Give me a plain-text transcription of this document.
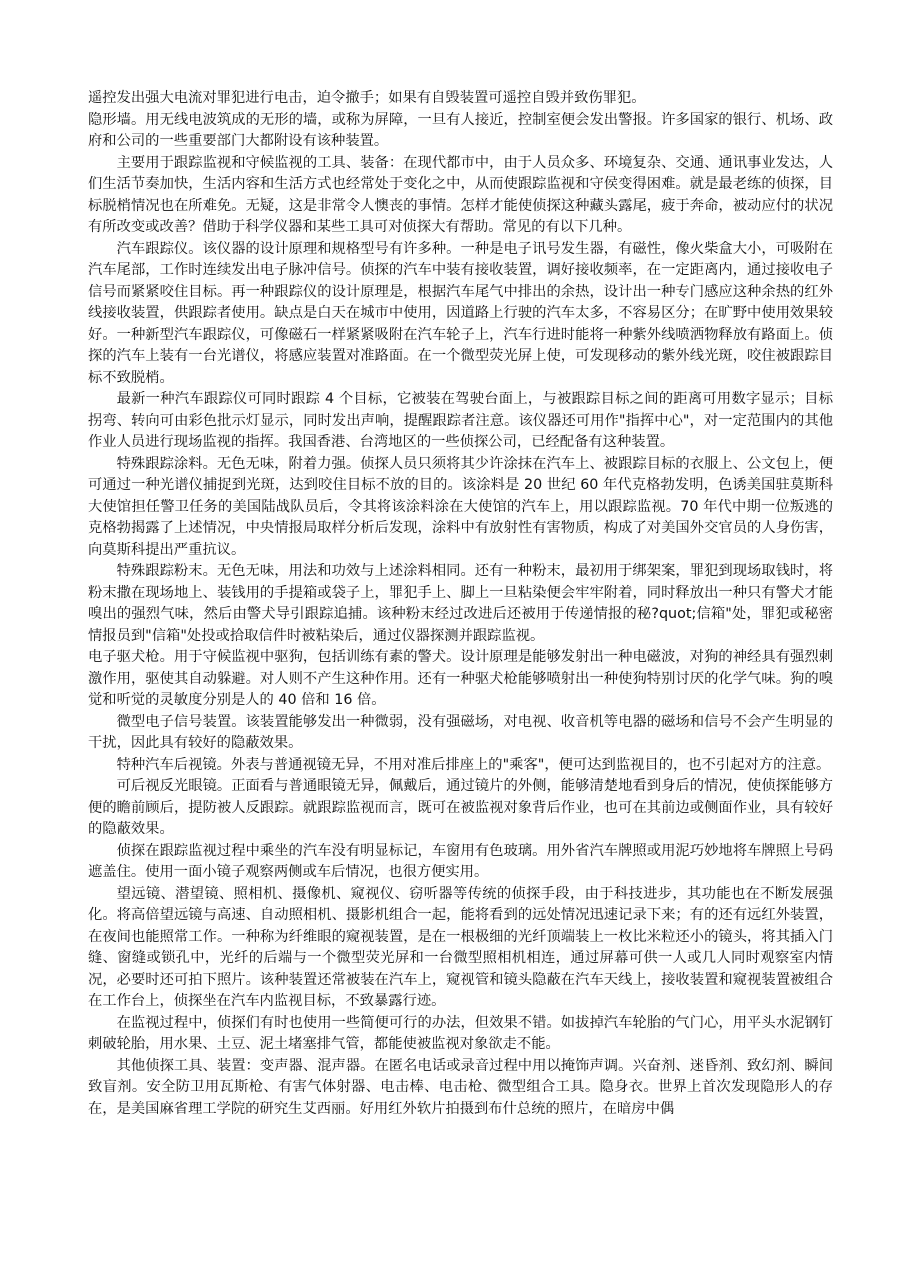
遥控发出强大电流对罪犯进行电击，迫令撤手；如果有自毁装置可遥控自毁并致伤罪犯。

隐形墙。用无线电波筑成的无形的墙，或称为屏障，一旦有人接近，控制室便会发出警报。许多国家的银行、机场、政府和公司的一些重要部门大都附设有该种装置。

主要用于跟踪监视和守候监视的工具、装备：在现代都市中，由于人员众多、环境复杂、交通、通讯事业发达，人们生活节奏加快，生活内容和生活方式也经常处于变化之中，从而使跟踪监视和守侯变得困难。就是最老练的侦探，目标脱梢情况也在所难免。无疑，这是非常令人懊丧的事情。怎样才能使侦探这种藏头露尾，疲于奔命，被动应付的状况有所改变或改善？借助于科学仪器和某些工具可对侦探大有帮助。常见的有以下几种。

汽车跟踪仪。该仪器的设计原理和规格型号有许多种。一种是电子讯号发生器，有磁性，像火柴盒大小，可吸附在汽车尾部，工作时连续发出电子脉冲信号。侦探的汽车中装有接收装置，调好接收频率，在一定距离内，通过接收电子信号而紧紧咬住目标。再一种跟踪仪的设计原理是，根据汽车尾气中排出的余热，设计出一种专门感应这种余热的红外线接收装置，供跟踪者使用。缺点是白天在城市中使用，因道路上行驶的汽车太多，不容易区分；在旷野中使用效果较好。一种新型汽车跟踪仪，可像磁石一样紧紧吸附在汽车轮子上，汽车行进时能将一种紫外线喷洒物释放有路面上。侦探的汽车上装有一台光谱仪，将感应装置对准路面。在一个微型荧光屏上使，可发现移动的紫外线光斑，咬住被跟踪目标不致脱梢。

最新一种汽车跟踪仪可同时跟踪 4 个目标，它被装在驾驶台面上，与被跟踪目标之间的距离可用数字显示；目标拐弯、转向可由彩色批示灯显示，同时发出声响，提醒跟踪者注意。该仪器还可用作"指挥中心"，对一定范围内的其他作业人员进行现场监视的指挥。我国香港、台湾地区的一些侦探公司，已经配备有这种装置。

特殊跟踪涂料。无色无味，附着力强。侦探人员只须将其少许涂抹在汽车上、被跟踪目标的衣服上、公文包上，便可通过一种光谱仪捕捉到光斑，达到咬住目标不放的目的。该涂料是 20 世纪 60 年代克格勃发明，色诱美国驻莫斯科大使馆担任警卫任务的美国陆战队员后，令其将该涂料涂在大使馆的汽车上，用以跟踪监视。70 年代中期一位叛逃的克格勃揭露了上述情况，中央情报局取样分析后发现，涂料中有放射性有害物质，构成了对美国外交官员的人身伤害，向莫斯科提出严重抗议。

特殊跟踪粉末。无色无味，用法和功效与上述涂料相同。还有一种粉末，最初用于绑架案，罪犯到现场取钱时，将粉末撒在现场地上、装钱用的手提箱或袋子上，罪犯手上、脚上一旦粘染便会牢牢附着，同时释放出一种只有警犬才能嗅出的强烈气味，然后由警犬导引跟踪追捕。该种粉末经过改进后还被用于传递情报的秘?quot;信箱"处，罪犯或秘密情报员到"信箱"处投或拾取信件时被粘染后，通过仪器探测并跟踪监视。

电子驱犬枪。用于守候监视中驱狗，包括训练有素的警犬。设计原理是能够发射出一种电磁波，对狗的神经具有强烈刺激作用，驱使其自动躲避。对人则不产生这种作用。还有一种驱犬枪能够喷射出一种使狗特别讨厌的化学气味。狗的嗅觉和听觉的灵敏度分别是人的 40 倍和 16 倍。

微型电子信号装置。该装置能够发出一种微弱，没有强磁场，对电视、收音机等电器的磁场和信号不会产生明显的干扰，因此具有较好的隐蔽效果。

特种汽车后视镜。外表与普通视镜无异，不用对准后排座上的"乘客"，便可达到监视目的，也不引起对方的注意。

可后视反光眼镜。正面看与普通眼镜无异，佩戴后，通过镜片的外侧，能够清楚地看到身后的情况，使侦探能够方便的瞻前顾后，提防被人反跟踪。就跟踪监视而言，既可在被监视对象背后作业，也可在其前边或侧面作业，具有较好的隐蔽效果。

侦探在跟踪监视过程中乘坐的汽车没有明显标记，车窗用有色玻璃。用外省汽车牌照或用泥巧妙地将车牌照上号码遮盖住。使用一面小镜子观察两侧或车后情况，也很方便实用。

望远镜、潜望镜、照相机、摄像机、窥视仪、窃听器等传统的侦探手段，由于科技进步，其功能也在不断发展强化。将高倍望远镜与高速、自动照相机、摄影机组合一起，能将看到的远处情况迅速记录下来；有的还有远红外装置，在夜间也能照常工作。一种称为纤维眼的窥视装置，是在一根极细的光纤顶端装上一枚比米粒还小的镜头，将其插入门缝、窗缝或锁孔中，光纤的后端与一个微型荧光屏和一台微型照相机相连，通过屏幕可供一人或几人同时观察室内情况，必要时还可拍下照片。该种装置还常被装在汽车上，窥视管和镜头隐蔽在汽车天线上，接收装置和窥视装置被组合在工作台上，侦探坐在汽车内监视目标，不致暴露行迹。

在监视过程中，侦探们有时也使用一些简便可行的办法，但效果不错。如拔掉汽车轮胎的气门心，用平头水泥钢钉刺破轮胎，用水果、土豆、泥土堵塞排气管，都能使被监视对象欲走不能。

其他侦探工具、装置：变声器、混声器。在匿名电话或录音过程中用以掩饰声调。兴奋剂、迷昏剂、致幻剂、瞬间致盲剂。安全防卫用瓦斯枪、有害气体射器、电击棒、电击枪、微型组合工具。隐身衣。世界上首次发现隐形人的存在，是美国麻省理工学院的研究生艾西丽。好用红外软片拍摄到布什总统的照片，在暗房中偶
